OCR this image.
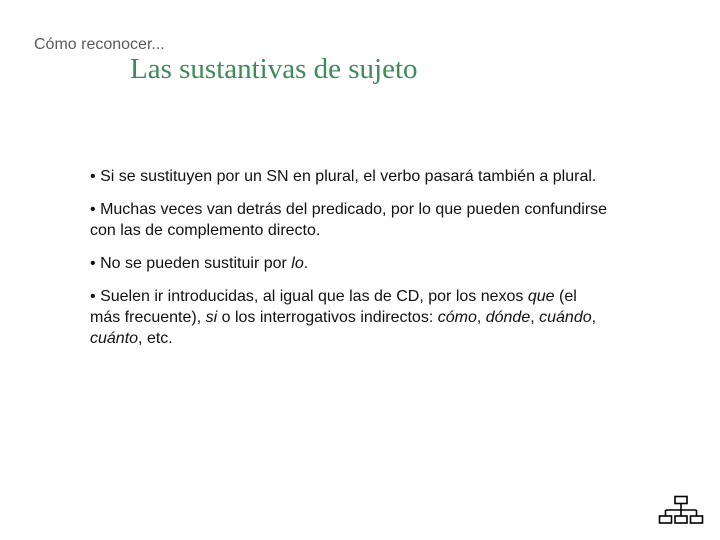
Cómo reconocer...

Las sustantivas de sujeto
• Si se sustituyen por un SN en plural, el verbo pasará también a plural.
• Muchas veces van detrás del predicado, por lo que pueden confundirse con las de complemento directo.
• No se pueden sustituir por lo.
• Suelen ir introducidas, al igual que las de CD, por los nexos que (el más frecuente), si o los interrogativos indirectos: cómo, dónde, cuándo, cuánto, etc.
